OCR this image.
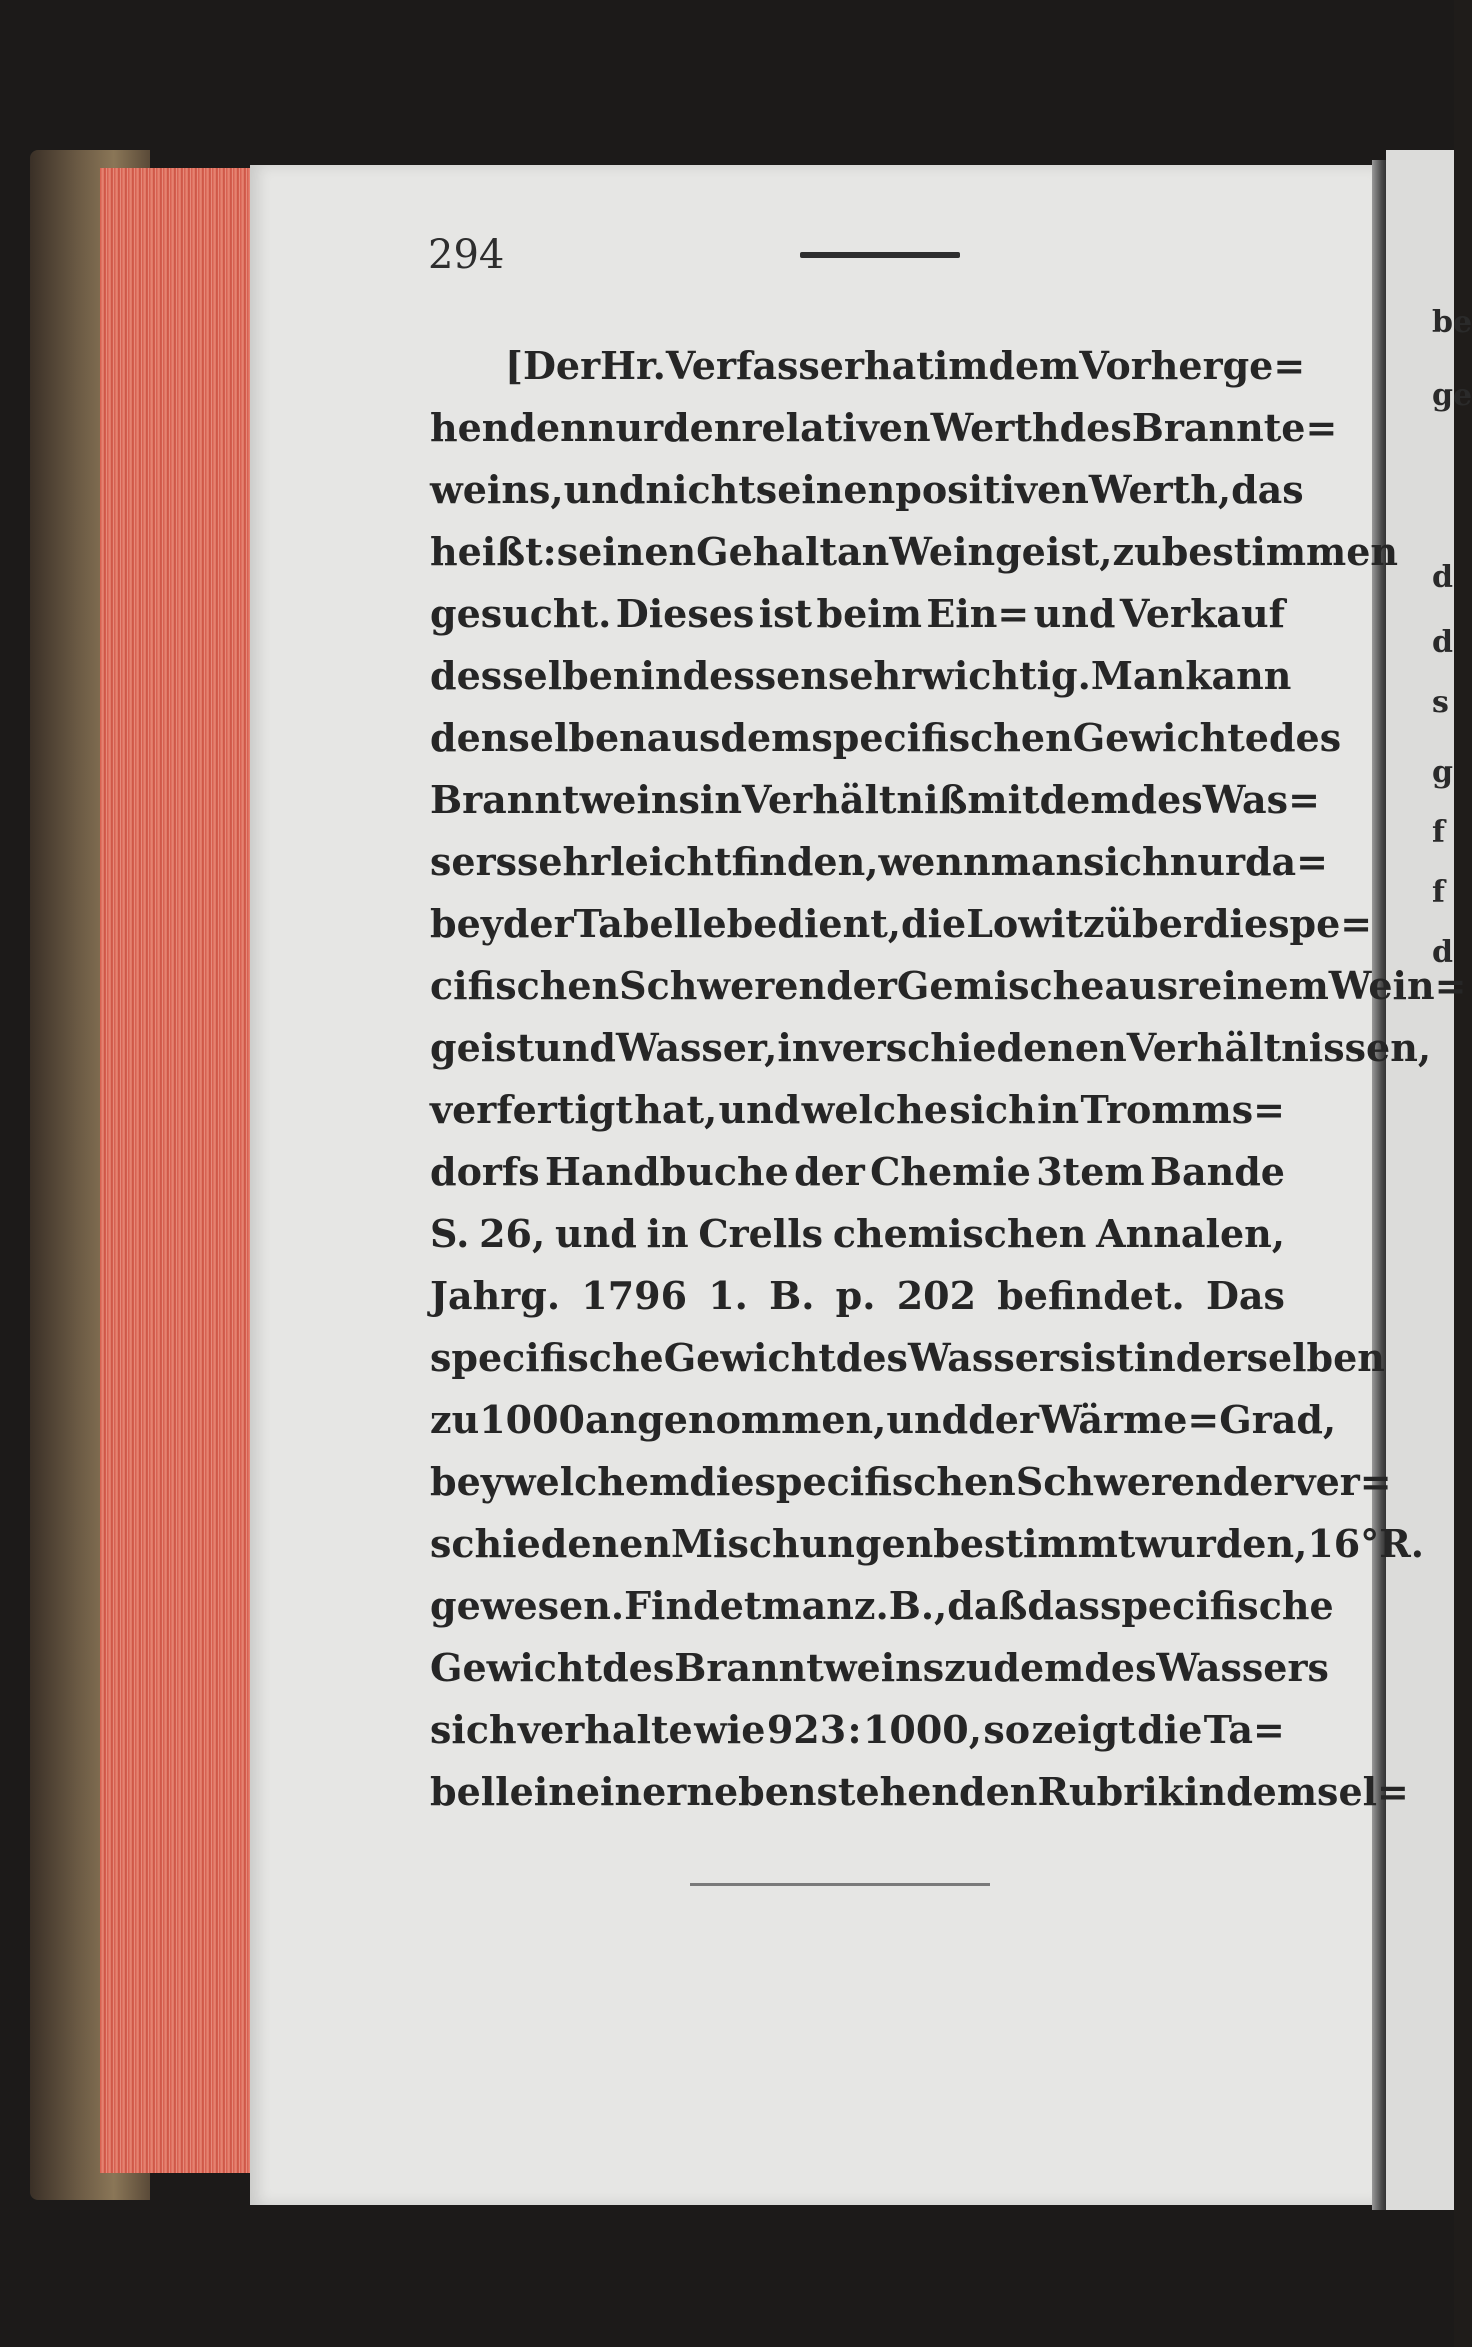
be
ge
d
d
s
g
f
f
d
294
[Der Hr. Verfasser hat im dem Vorherge=
henden nur den relativen Werth des Brannte=
weins, und nicht seinen positiven Werth, das
heißt: seinen Gehalt an Weingeist, zu bestimmen
gesucht. Dieses ist beim Ein= und Verkauf
desselben indessen sehr wichtig. Man kann
denselben aus dem specifischen Gewichte des
Branntweins in Verhältniß mit dem des Was=
sers sehr leicht finden, wenn man sich nur da=
bey der Tabelle bedient, die Lowitz über die spe=
cifischen Schweren der Gemische aus reinem Wein=
geist und Wasser, in verschiedenen Verhältnissen,
verfertigt hat, und welche sich in Tromms=
dorfs Handbuche der Chemie 3tem Bande
S. 26, und in Crells chemischen Annalen,
Jahrg. 1796 1. B. p. 202 befindet. Das
specifische Gewicht des Wassers ist in derselben
zu 1000 angenommen, und der Wärme=Grad,
bey welchem die specifischen Schweren der ver=
schiedenen Mischungen bestimmt wurden, 16° R.
gewesen. Findet man z.B., daß das specifische
Gewicht des Branntweins zu dem des Wassers
sich verhalte wie 923 : 1000, so zeigt die Ta=
belle in einer nebenstehenden Rubrik in demsel=
